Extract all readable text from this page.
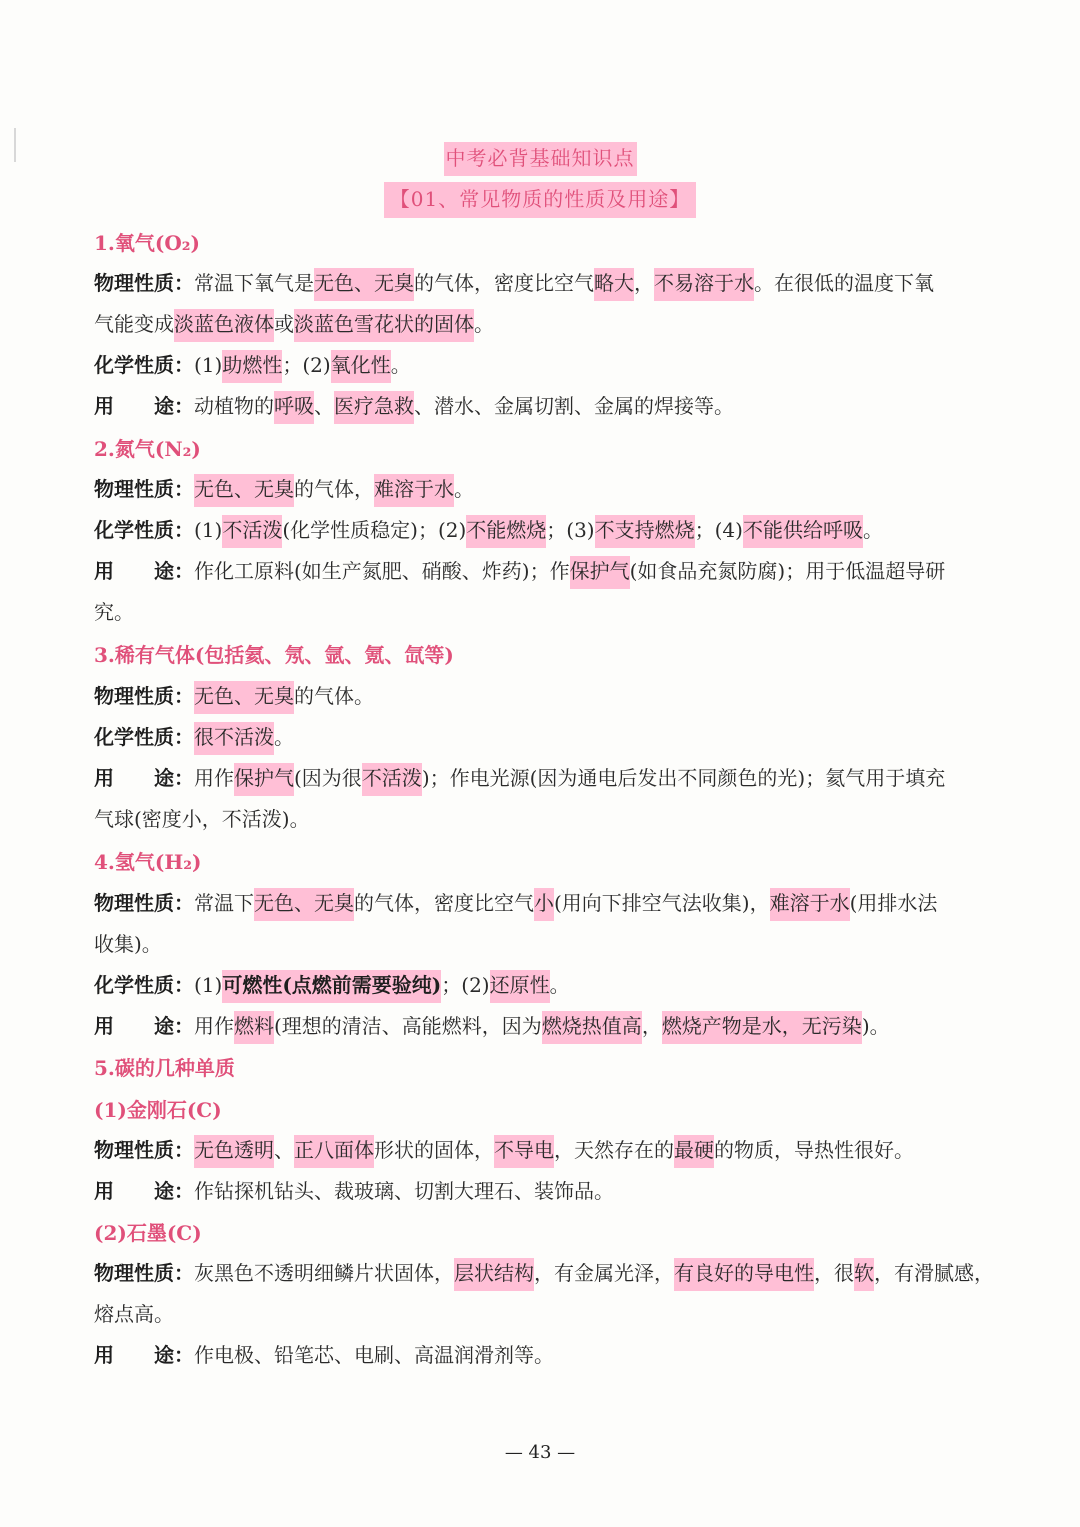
中考必背基础知识点
【01、常见物质的性质及用途】
1.氧气(O₂)
物理性质：常温下氧气是无色、无臭的气体，密度比空气略大，不易溶于水。在很低的温度下氧
气能变成淡蓝色液体或淡蓝色雪花状的固体。
化学性质：(1)助燃性；(2)氧化性。
用　　途：动植物的呼吸、医疗急救、潜水、金属切割、金属的焊接等。
2.氮气(N₂)
物理性质：无色、无臭的气体，难溶于水。
化学性质：(1)不活泼(化学性质稳定)；(2)不能燃烧；(3)不支持燃烧；(4)不能供给呼吸。
用　　途：作化工原料(如生产氮肥、硝酸、炸药)；作保护气(如食品充氮防腐)；用于低温超导研
究。
3.稀有气体(包括氦、氖、氩、氪、氙等)
物理性质：无色、无臭的气体。
化学性质：很不活泼。
用　　途：用作保护气(因为很不活泼)；作电光源(因为通电后发出不同颜色的光)；氦气用于填充
气球(密度小，不活泼)。
4.氢气(H₂)
物理性质：常温下无色、无臭的气体，密度比空气小(用向下排空气法收集)，难溶于水(用排水法
收集)。
化学性质：(1)可燃性(点燃前需要验纯)；(2)还原性。
用　　途：用作燃料(理想的清洁、高能燃料，因为燃烧热值高，燃烧产物是水，无污染)。
5.碳的几种单质
(1)金刚石(C)
物理性质：无色透明、正八面体形状的固体，不导电，天然存在的最硬的物质，导热性很好。
用　　途：作钻探机钻头、裁玻璃、切割大理石、装饰品。
(2)石墨(C)
物理性质：灰黑色不透明细鳞片状固体，层状结构，有金属光泽，有良好的导电性，很软，有滑腻感，
熔点高。
用　　途：作电极、铅笔芯、电刷、高温润滑剂等。
— 43 —
